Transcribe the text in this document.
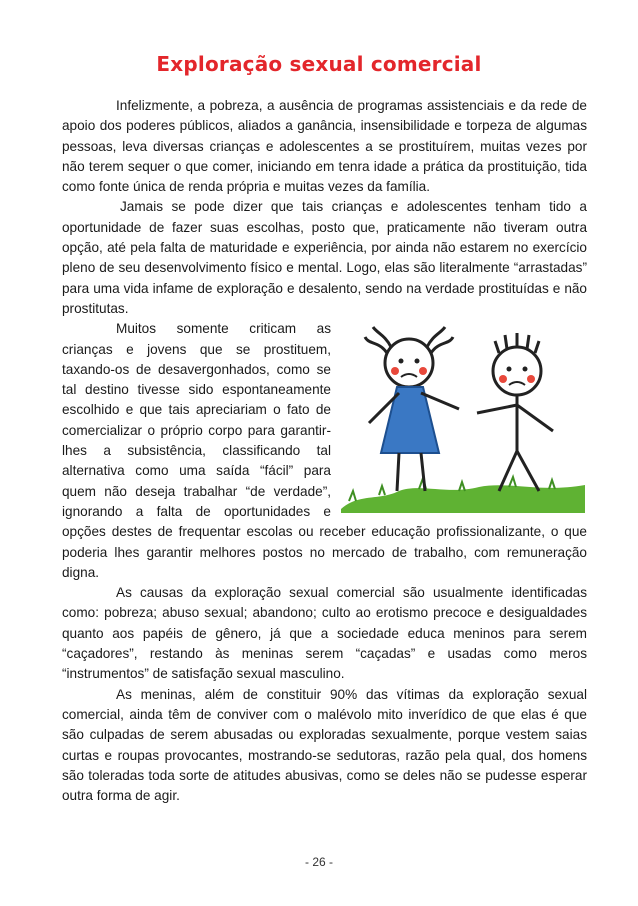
Exploração sexual comercial

Infelizmente, a pobreza, a ausência de programas assistenciais e da rede de apoio dos poderes públicos, aliados a ganância, insensibilidade e torpeza de algumas pessoas, leva diversas crianças e adolescentes a se prostituírem, muitas vezes por não terem sequer o que comer, iniciando em tenra idade a prática da prostituição, tida como fonte única de renda própria e muitas vezes da família.

Jamais se pode dizer que tais crianças e adolescentes tenham tido a oportunidade de fazer suas escolhas, posto que, praticamente não tiveram outra opção, até pela falta de maturidade e experiência, por ainda não estarem no exercício pleno de seu desenvolvimento físico e mental. Logo, elas são literalmente “arrastadas” para uma vida infame de exploração e desalento, sendo na verdade prostituídas e não prostitutas.

Muitos somente criticam as crianças e jovens que se prostituem, taxando-os de desavergonhados, como se tal destino tivesse sido espontaneamente escolhido e que tais apreciariam o fato de comercializar o próprio corpo para garantir-lhes a subsistência, classificando tal alternativa como uma saída “fácil” para quem não deseja trabalhar “de verdade”, ignorando a falta de oportunidades e opções destes de frequentar escolas ou receber educação profissionalizante, o que poderia lhes garantir melhores postos no mercado de trabalho, com remuneração digna.

As causas da exploração sexual comercial são usualmente identificadas como: pobreza; abuso sexual; abandono; culto ao erotismo precoce e desigualdades quanto aos papéis de gênero, já que a sociedade educa meninos para serem “caçadores”, restando às meninas serem “caçadas” e usadas como meros “instrumentos” de satisfação sexual masculino.

As meninas, além de constituir 90% das vítimas da exploração sexual comercial, ainda têm de conviver com o malévolo mito inverídico de que elas é que são culpadas de serem abusadas ou exploradas sexualmente, porque vestem saias curtas e roupas provocantes, mostrando-se sedutoras, razão pela qual, dos homens são toleradas toda sorte de atitudes abusivas, como se deles não se pudesse esperar outra forma de agir.

- 26 -
